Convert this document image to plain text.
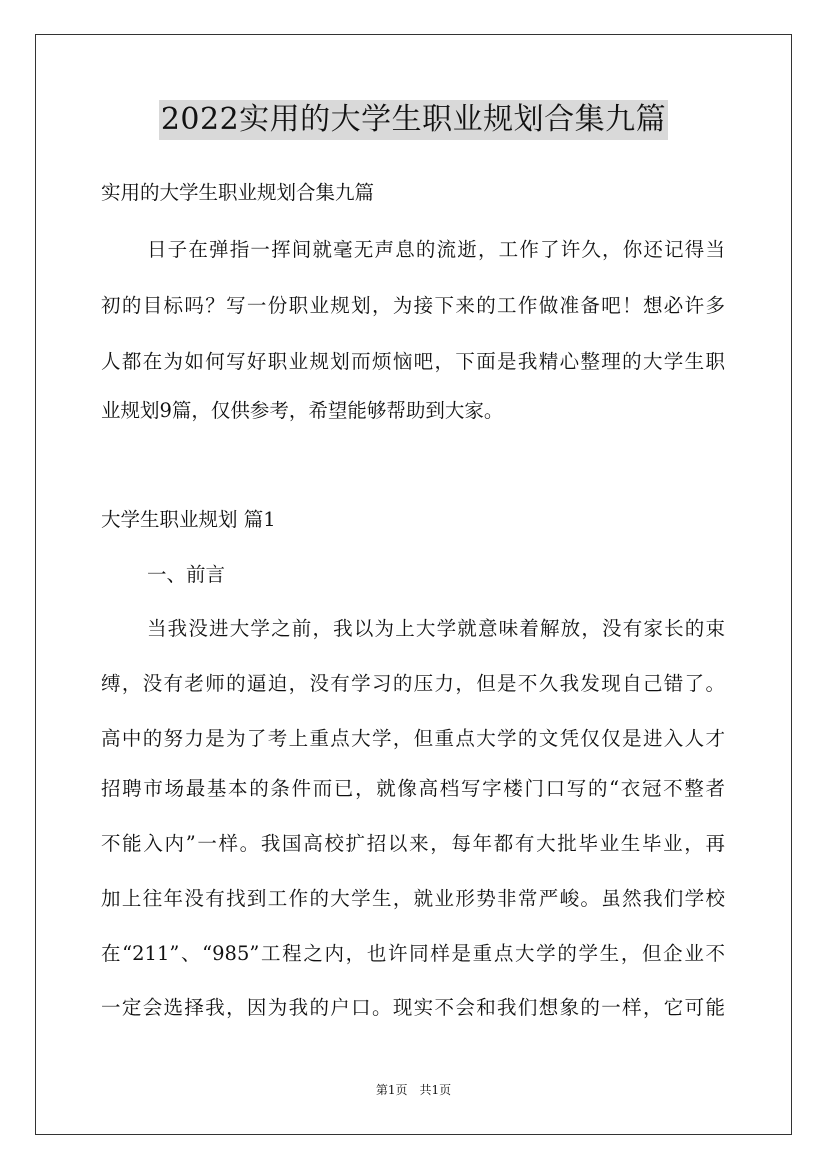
2022实用的大学生职业规划合集九篇
实用的大学生职业规划合集九篇
日子在弹指一挥间就毫无声息的流逝，工作了许久，你还记得当
初的目标吗？写一份职业规划，为接下来的工作做准备吧！想必许多
人都在为如何写好职业规划而烦恼吧，下面是我精心整理的大学生职
业规划9篇，仅供参考，希望能够帮助到大家。
大学生职业规划 篇1
一、前言
当我没进大学之前，我以为上大学就意味着解放，没有家长的束
缚，没有老师的逼迫，没有学习的压力，但是不久我发现自己错了。
高中的努力是为了考上重点大学，但重点大学的文凭仅仅是进入人才
招聘市场最基本的条件而已，就像高档写字楼门口写的“衣冠不整者
不能入内”一样。我国高校扩招以来，每年都有大批毕业生毕业，再
加上往年没有找到工作的大学生，就业形势非常严峻。虽然我们学校
在“211”、“985”工程之内，也许同样是重点大学的学生，但企业不
一定会选择我，因为我的户口。现实不会和我们想象的一样，它可能
第1页　共1页
